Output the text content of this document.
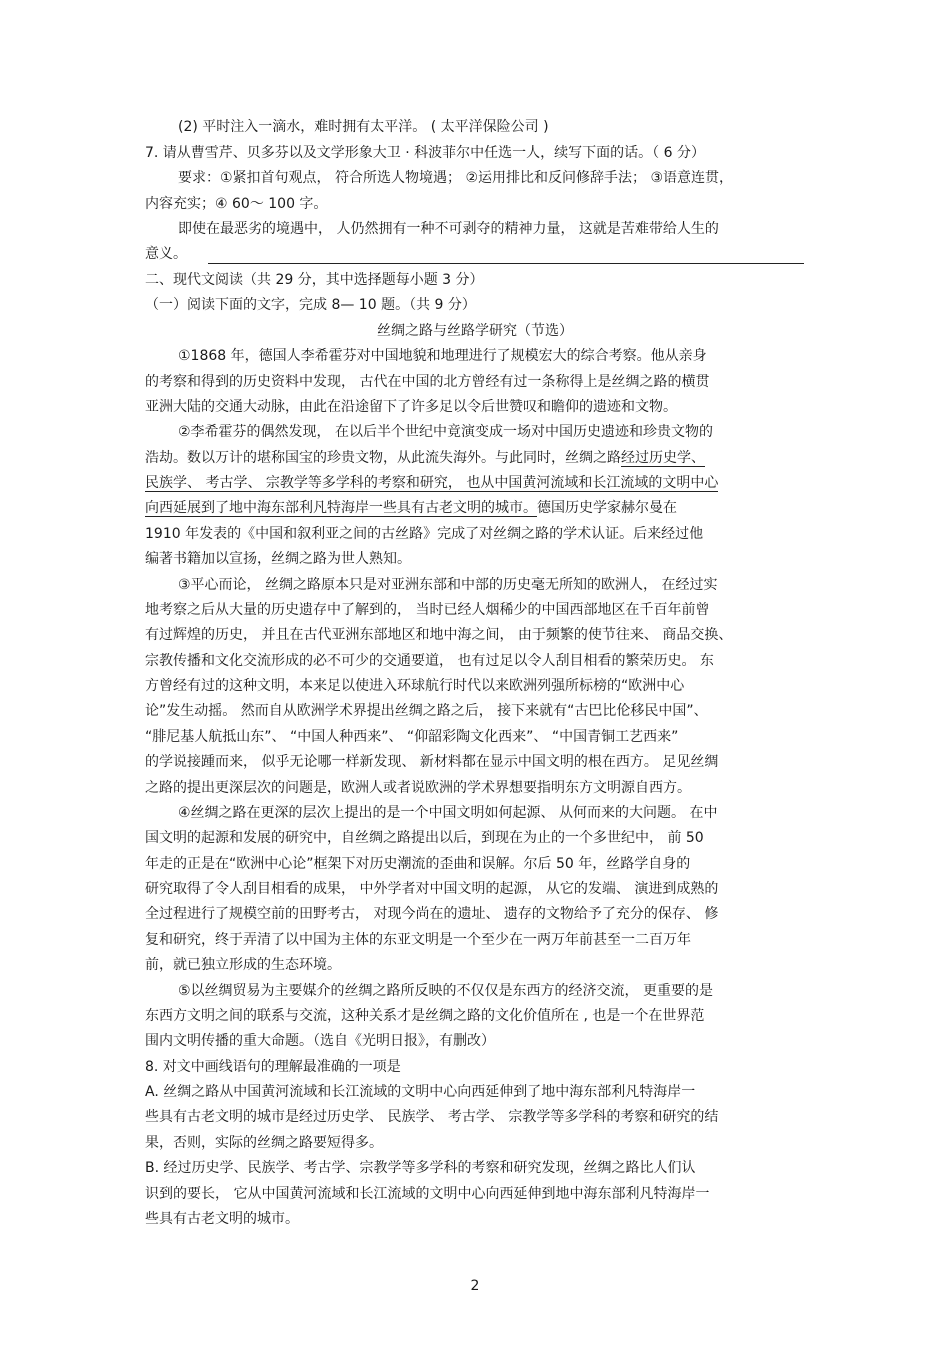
(2) 平时注入一滴水，难时拥有太平洋。 ( 太平洋保险公司 )
7. 请从曹雪芹、贝多芬以及文学形象大卫 · 科波菲尔中任选一人，续写下面的话。（ 6 分）
要求：①紧扣首句观点， 符合所选人物境遇； ②运用排比和反问修辞手法； ③语意连贯，
内容充实；④ 60～ 100 字。
即使在最恶劣的境遇中， 人仍然拥有一种不可剥夺的精神力量， 这就是苦难带给人生的
意义。
二、现代文阅读（共 29 分，其中选择题每小题 3 分）
（一）阅读下面的文字，完成 8— 10 题。（共 9 分）
丝绸之路与丝路学研究（节选）
①1868 年，德国人李希霍芬对中国地貌和地理进行了规模宏大的综合考察。他从亲身
的考察和得到的历史资料中发现， 古代在中国的北方曾经有过一条称得上是丝绸之路的横贯
亚洲大陆的交通大动脉，由此在沿途留下了许多足以令后世赞叹和瞻仰的遗迹和文物。
②李希霍芬的偶然发现， 在以后半个世纪中竟演变成一场对中国历史遗迹和珍贵文物的
浩劫。数以万计的堪称国宝的珍贵文物，从此流失海外。与此同时，丝绸之路经过历史学、
民族学、 考古学、 宗教学等多学科的考察和研究， 也从中国黄河流域和长江流域的文明中心
向西延展到了地中海东部利凡特海岸一些具有古老文明的城市。德国历史学家赫尔曼在
1910 年发表的《中国和叙利亚之间的古丝路》完成了对丝绸之路的学术认证。后来经过他
编著书籍加以宣扬，丝绸之路为世人熟知。
③平心而论， 丝绸之路原本只是对亚洲东部和中部的历史毫无所知的欧洲人， 在经过实
地考察之后从大量的历史遗存中了解到的， 当时已经人烟稀少的中国西部地区在千百年前曾
有过辉煌的历史， 并且在古代亚洲东部地区和地中海之间， 由于频繁的使节往来、 商品交换、
宗教传播和文化交流形成的必不可少的交通要道， 也有过足以令人刮目相看的繁荣历史。 东
方曾经有过的这种文明，本来足以使进入环球航行时代以来欧洲列强所标榜的“欧洲中心
论”发生动摇。 然而自从欧洲学术界提出丝绸之路之后， 接下来就有“古巴比伦移民中国”、
“腓尼基人航抵山东”、 “中国人种西来”、 “仰韶彩陶文化西来”、 “中国青铜工艺西来”
的学说接踵而来， 似乎无论哪一样新发现、 新材料都在显示中国文明的根在西方。 足见丝绸
之路的提出更深层次的问题是，欧洲人或者说欧洲的学术界想要指明东方文明源自西方。
④丝绸之路在更深的层次上提出的是一个中国文明如何起源、 从何而来的大问题。 在中
国文明的起源和发展的研究中，自丝绸之路提出以后，到现在为止的一个多世纪中， 前 50
年走的正是在“欧洲中心论”框架下对历史潮流的歪曲和误解。尔后 50 年，丝路学自身的
研究取得了令人刮目相看的成果， 中外学者对中国文明的起源， 从它的发端、 演进到成熟的
全过程进行了规模空前的田野考古， 对现今尚在的遗址、 遗存的文物给予了充分的保存、 修
复和研究，终于弄清了以中国为主体的东亚文明是一个至少在一两万年前甚至一二百万年
前，就已独立形成的生态环境。
⑤以丝绸贸易为主要媒介的丝绸之路所反映的不仅仅是东西方的经济交流， 更重要的是
东西方文明之间的联系与交流，这种关系才是丝绸之路的文化价值所在 , 也是一个在世界范
围内文明传播的重大命题。（选自《光明日报》，有删改）
8. 对文中画线语句的理解最准确的一项是
A. 丝绸之路从中国黄河流域和长江流域的文明中心向西延伸到了地中海东部利凡特海岸一
些具有古老文明的城市是经过历史学、 民族学、 考古学、 宗教学等多学科的考察和研究的结
果，否则，实际的丝绸之路要短得多。
B. 经过历史学、民族学、考古学、宗教学等多学科的考察和研究发现，丝绸之路比人们认
识到的要长， 它从中国黄河流域和长江流域的文明中心向西延伸到地中海东部利凡特海岸一
些具有古老文明的城市。
2
